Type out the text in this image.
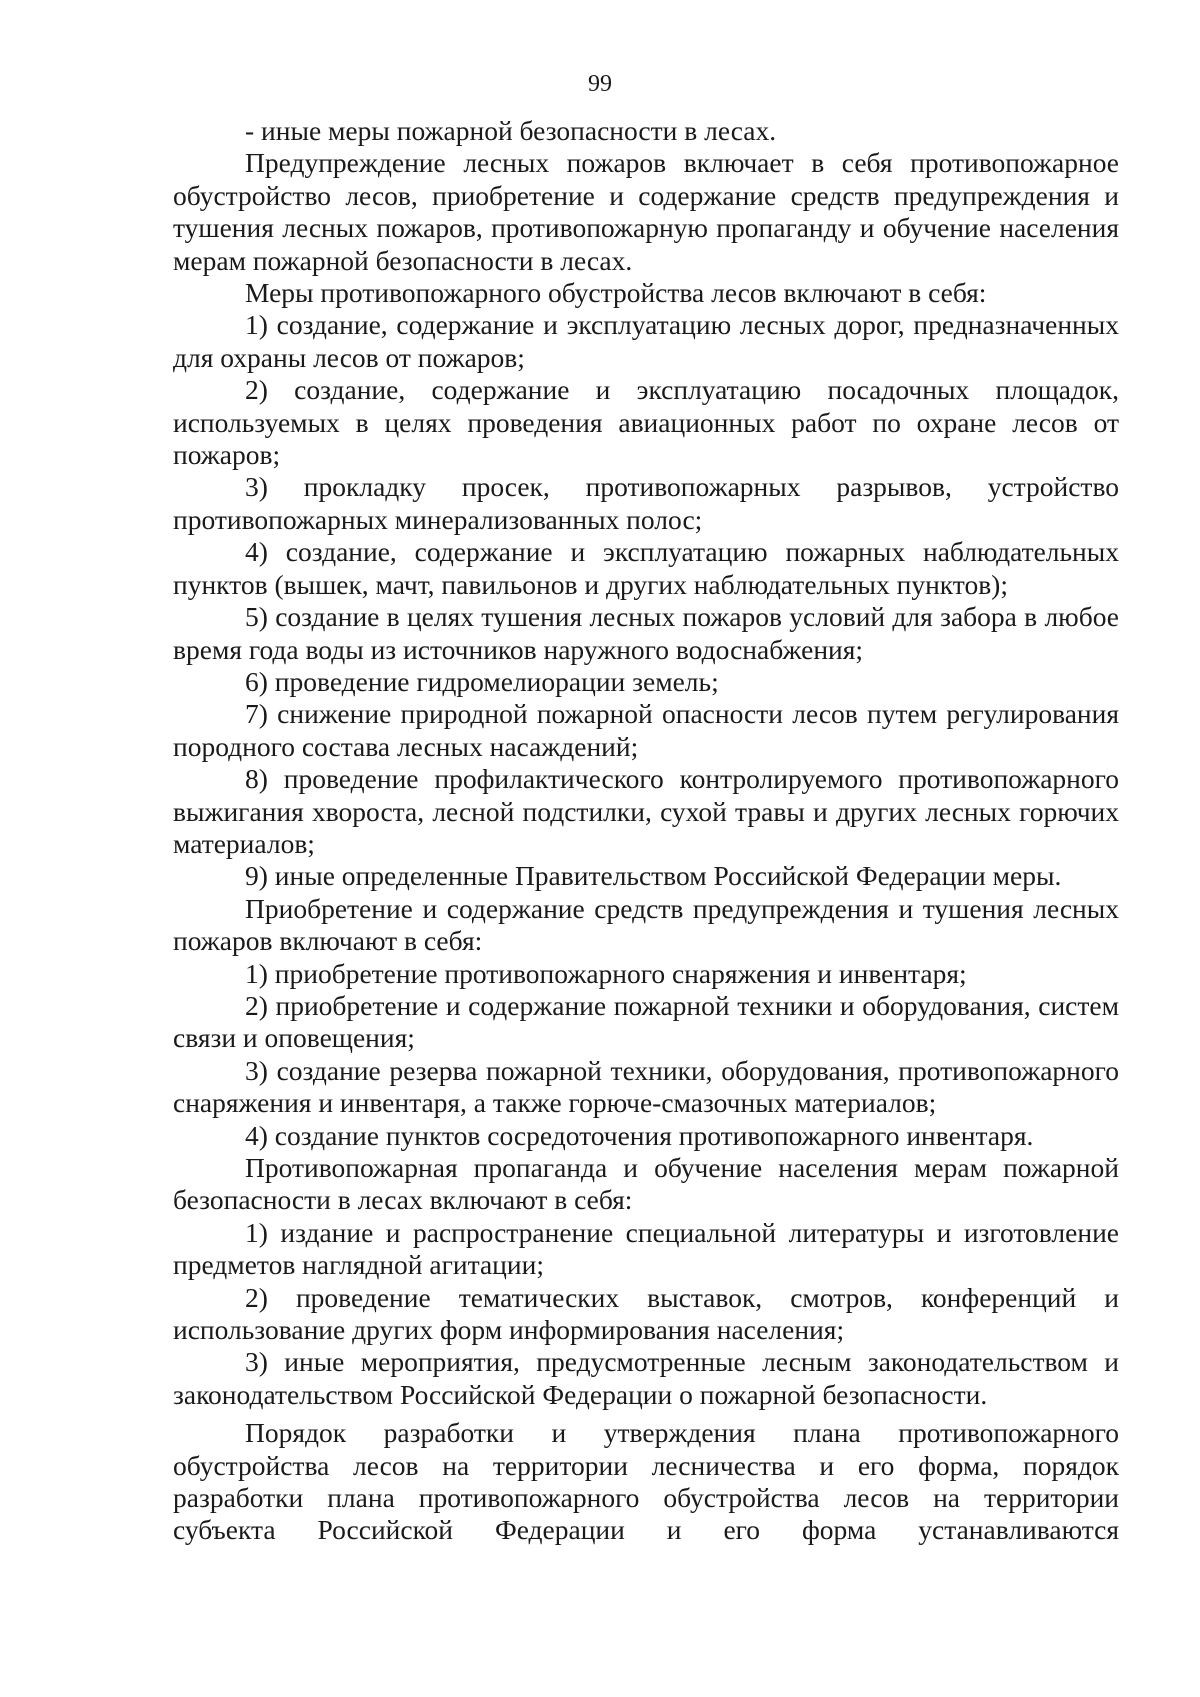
99

- иные меры пожарной безопасности в лесах.

Предупреждение лесных пожаров включает в себя противопожарное обустройство лесов, приобретение и содержание средств предупреждения и тушения лесных пожаров, противопожарную пропаганду и обучение населения мерам пожарной безопасности в лесах.

Меры противопожарного обустройства лесов включают в себя:

1) создание, содержание и эксплуатацию лесных дорог, предназначенных для охраны лесов от пожаров;

2) создание, содержание и эксплуатацию посадочных площадок, используемых в целях проведения авиационных работ по охране лесов от пожаров;

3) прокладку просек, противопожарных разрывов, устройство противопожарных минерализованных полос;

4) создание, содержание и эксплуатацию пожарных наблюдательных пунктов (вышек, мачт, павильонов и других наблюдательных пунктов);

5) создание в целях тушения лесных пожаров условий для забора в любое время года воды из источников наружного водоснабжения;

6) проведение гидромелиорации земель;

7) снижение природной пожарной опасности лесов путем регулирования породного состава лесных насаждений;

8) проведение профилактического контролируемого противопожарного выжигания хвороста, лесной подстилки, сухой травы и других лесных горючих материалов;

9) иные определенные Правительством Российской Федерации меры.

Приобретение и содержание средств предупреждения и тушения лесных пожаров включают в себя:

1) приобретение противопожарного снаряжения и инвентаря;

2) приобретение и содержание пожарной техники и оборудования, систем связи и оповещения;

3) создание резерва пожарной техники, оборудования, противопожарного снаряжения и инвентаря, а также горюче-смазочных материалов;

4) создание пунктов сосредоточения противопожарного инвентаря.

Противопожарная пропаганда и обучение населения мерам пожарной безопасности в лесах включают в себя:

1) издание и распространение специальной литературы и изготовление предметов наглядной агитации;

2) проведение тематических выставок, смотров, конференций и использование других форм информирования населения;

3) иные мероприятия, предусмотренные лесным законодательством и законодательством Российской Федерации о пожарной безопасности.

Порядок разработки и утверждения плана противопожарного обустройства лесов на территории лесничества и его форма, порядок разработки плана противопожарного обустройства лесов на территории субъекта Российской Федерации и его форма устанавливаются
